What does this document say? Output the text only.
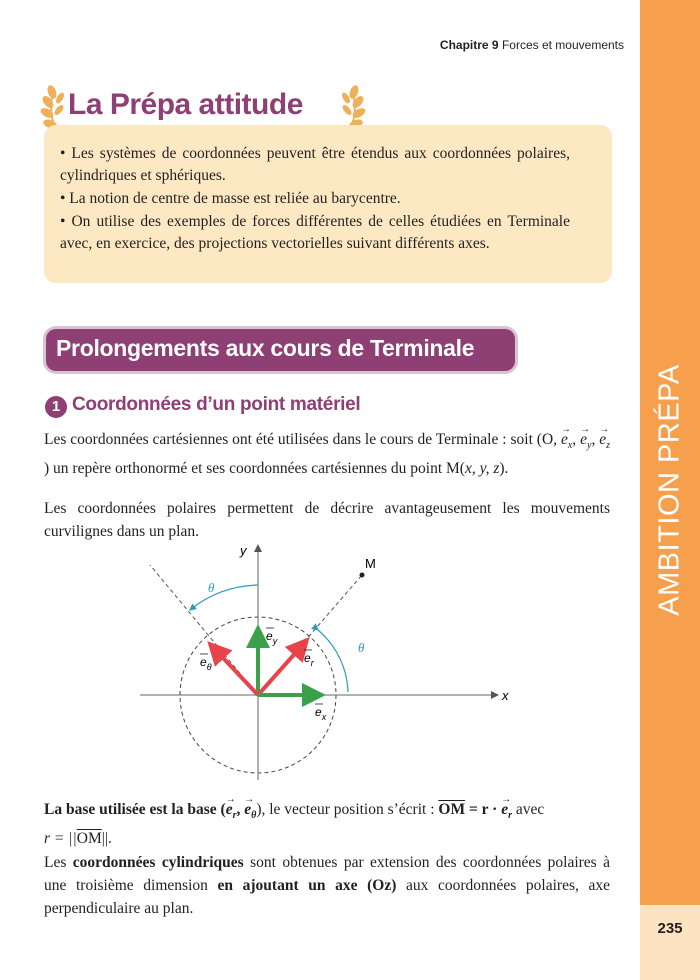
AMBITION PRÉPA
235
Chapitre 9 Forces et mouvements
La Prépa attitude
• Les systèmes de coordonnées peuvent être étendus aux coordonnées polaires, cylindriques et sphériques.
• La notion de centre de masse est reliée au barycentre.
• On utilise des exemples de forces différentes de celles étudiées en Terminale avec, en exercice, des projections vectorielles suivant différents axes.
Prolongements aux cours de Terminale
1 Coordonnées d’un point matériel
Les coordonnées cartésiennes ont été utilisées dans le cours de Terminale : soit (O, → $e_x$, → $e_y$, → $e_z$) un repère orthonormé et ses coordonnées cartésiennes du point M(x, y, z).
Les coordonnées polaires permettent de décrire avantageusement les mouvements curvilignes dans un plan.
x
y
M
θ
θ
$e_y$
$e_r$
$e_\theta$
$e_x$
La base utilisée est la base (→ $e_r$, → $e_\theta$), le vecteur position s’écrit : $\overline{OM} = r$ · → $e_r$ avec
$r = ||\overline{OM}||$.
Les coordonnées cylindriques sont obtenues par extension des coordonnées polaires à une troisième dimension en ajoutant un axe (Oz) aux coordonnées polaires, axe perpendiculaire au plan.
